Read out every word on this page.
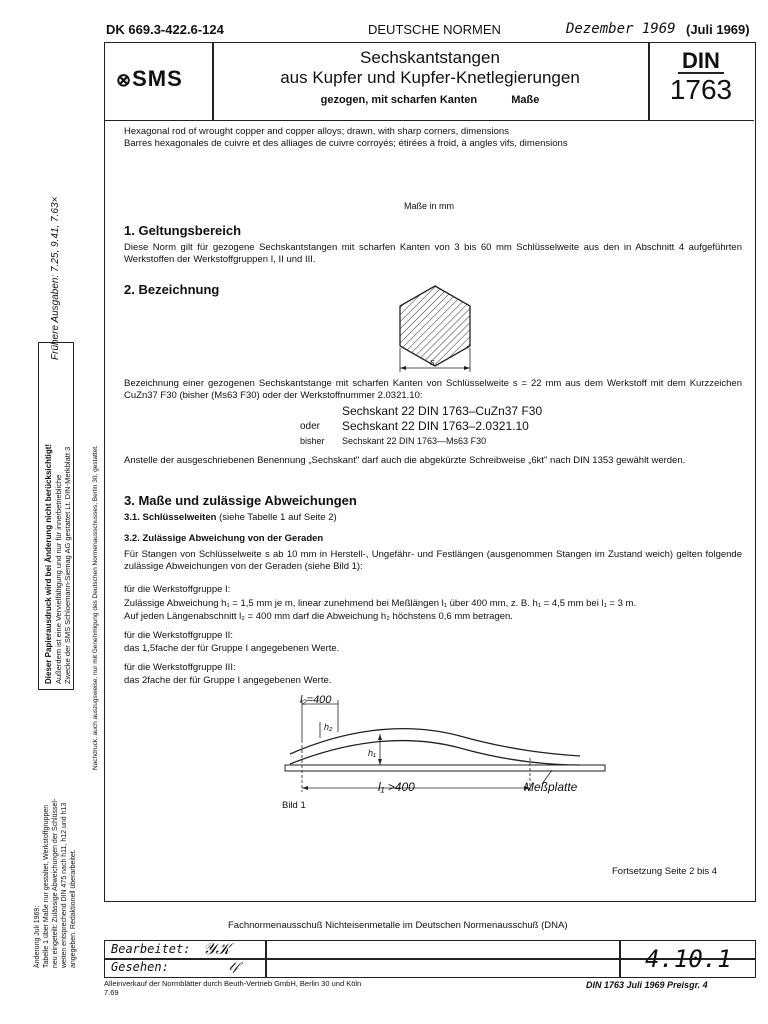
DK 669.3-422.6-124	DEUTSCHE NORMEN	Dezember 1969 (Juli 1969)
⊗SMS
Sechskantstangen
aus Kupfer und Kupfer-Knetlegierungen
gezogen, mit scharfen Kanten	Maße
DIN
1763
Hexagonal rod of wrought copper and copper alloys; drawn, with sharp corners, dimensions
Barres hexagonales de cuivre et des alliages de cuivre corroyés; étirées à froid, à angles vifs, dimensions
Maße in mm
1. Geltungsbereich
Diese Norm gilt für gezogene Sechskantstangen mit scharfen Kanten von 3 bis 60 mm Schlüsselweite aus den in Abschnitt 4 aufgeführten Werkstoffen der Werkstoffgruppen I, II und III.
2. Bezeichnung
s
Bezeichnung einer gezogenen Sechskantstange mit scharfen Kanten von Schlüsselweite s = 22 mm aus dem Werkstoff mit dem Kurzzeichen CuZn37 F30 (bisher (Ms63 F30) oder der Werkstoffnummer 2.0321.10:
Sechskant 22 DIN 1763–CuZn37 F30
oder Sechskant 22 DIN 1763–2.0321.10
bisher Sechskant 22 DIN 1763—Ms63 F30
Anstelle der ausgeschriebenen Benennung „Sechskant" darf auch die abgekürzte Schreibweise „6kt" nach DIN 1353 gewählt werden.
3. Maße und zulässige Abweichungen
3.1. Schlüsselweiten (siehe Tabelle 1 auf Seite 2)
3.2. Zulässige Abweichung von der Geraden
Für Stangen von Schlüsselweite s ab 10 mm in Herstell-, Ungefähr- und Festlängen (ausgenommen Stangen im Zustand weich) gelten folgende zulässige Abweichungen von der Geraden (siehe Bild 1):
für die Werkstoffgruppe I:
Zulässige Abweichung h₁ = 1,5 mm je m, linear zunehmend bei Meßlängen l₁ über 400 mm, z. B. h₁ = 4,5 mm bei l₁ = 3 m.
Auf jeden Längenabschnitt l₂ = 400 mm darf die Abweichung h₂ höchstens 0,6 mm betragen.
für die Werkstoffgruppe II:
das 1,5fache der für Gruppe I angegebenen Werte.
für die Werkstoffgruppe III:
das 2fache der für Gruppe I angegebenen Werte.
l₂=400
h₂
h₁
l₁ >400	Meßplatte
Bild 1
Fortsetzung Seite 2 bis 4
Fachnormenausschuß Nichteisenmetalle im Deutschen Normenausschuß (DNA)
Bearbeitet:
Gesehen:
𝒴𝒦
𝓉𝒻	4.10.1
Alleinverkauf der Normblätter durch Beuth-Vertrieb GmbH, Berlin 30 und Köln
7.69
DIN 1763 Juli 1969 Preisgr. 4
Frühere Ausgaben: 7.25, 9.41, 7.63×
Dieser Papierausdruck wird bei Änderung nicht berücksichtigt! Außerdem ist eine Vervielfältigung und nur für innerbetriebliche Zwecke der SMS Schloemann-Siemag AG gestattet Lt. DIN-Merkblatt 3	Nachdruck, auch auszugsweise, nur mit Genehmigung des Deutschen Normenausschusses, Berlin 30, gestattet.
Änderung Juli 1969: Tabelle 1 über Maße nur gestaltet, Werkstoffgruppen neu eingeteilt: Zulässige Abweichungen der Schlüssel- weiten entsprechend DIN 475 nach h11, h12 und h13 angegeben. Redaktionell überarbeitet.
